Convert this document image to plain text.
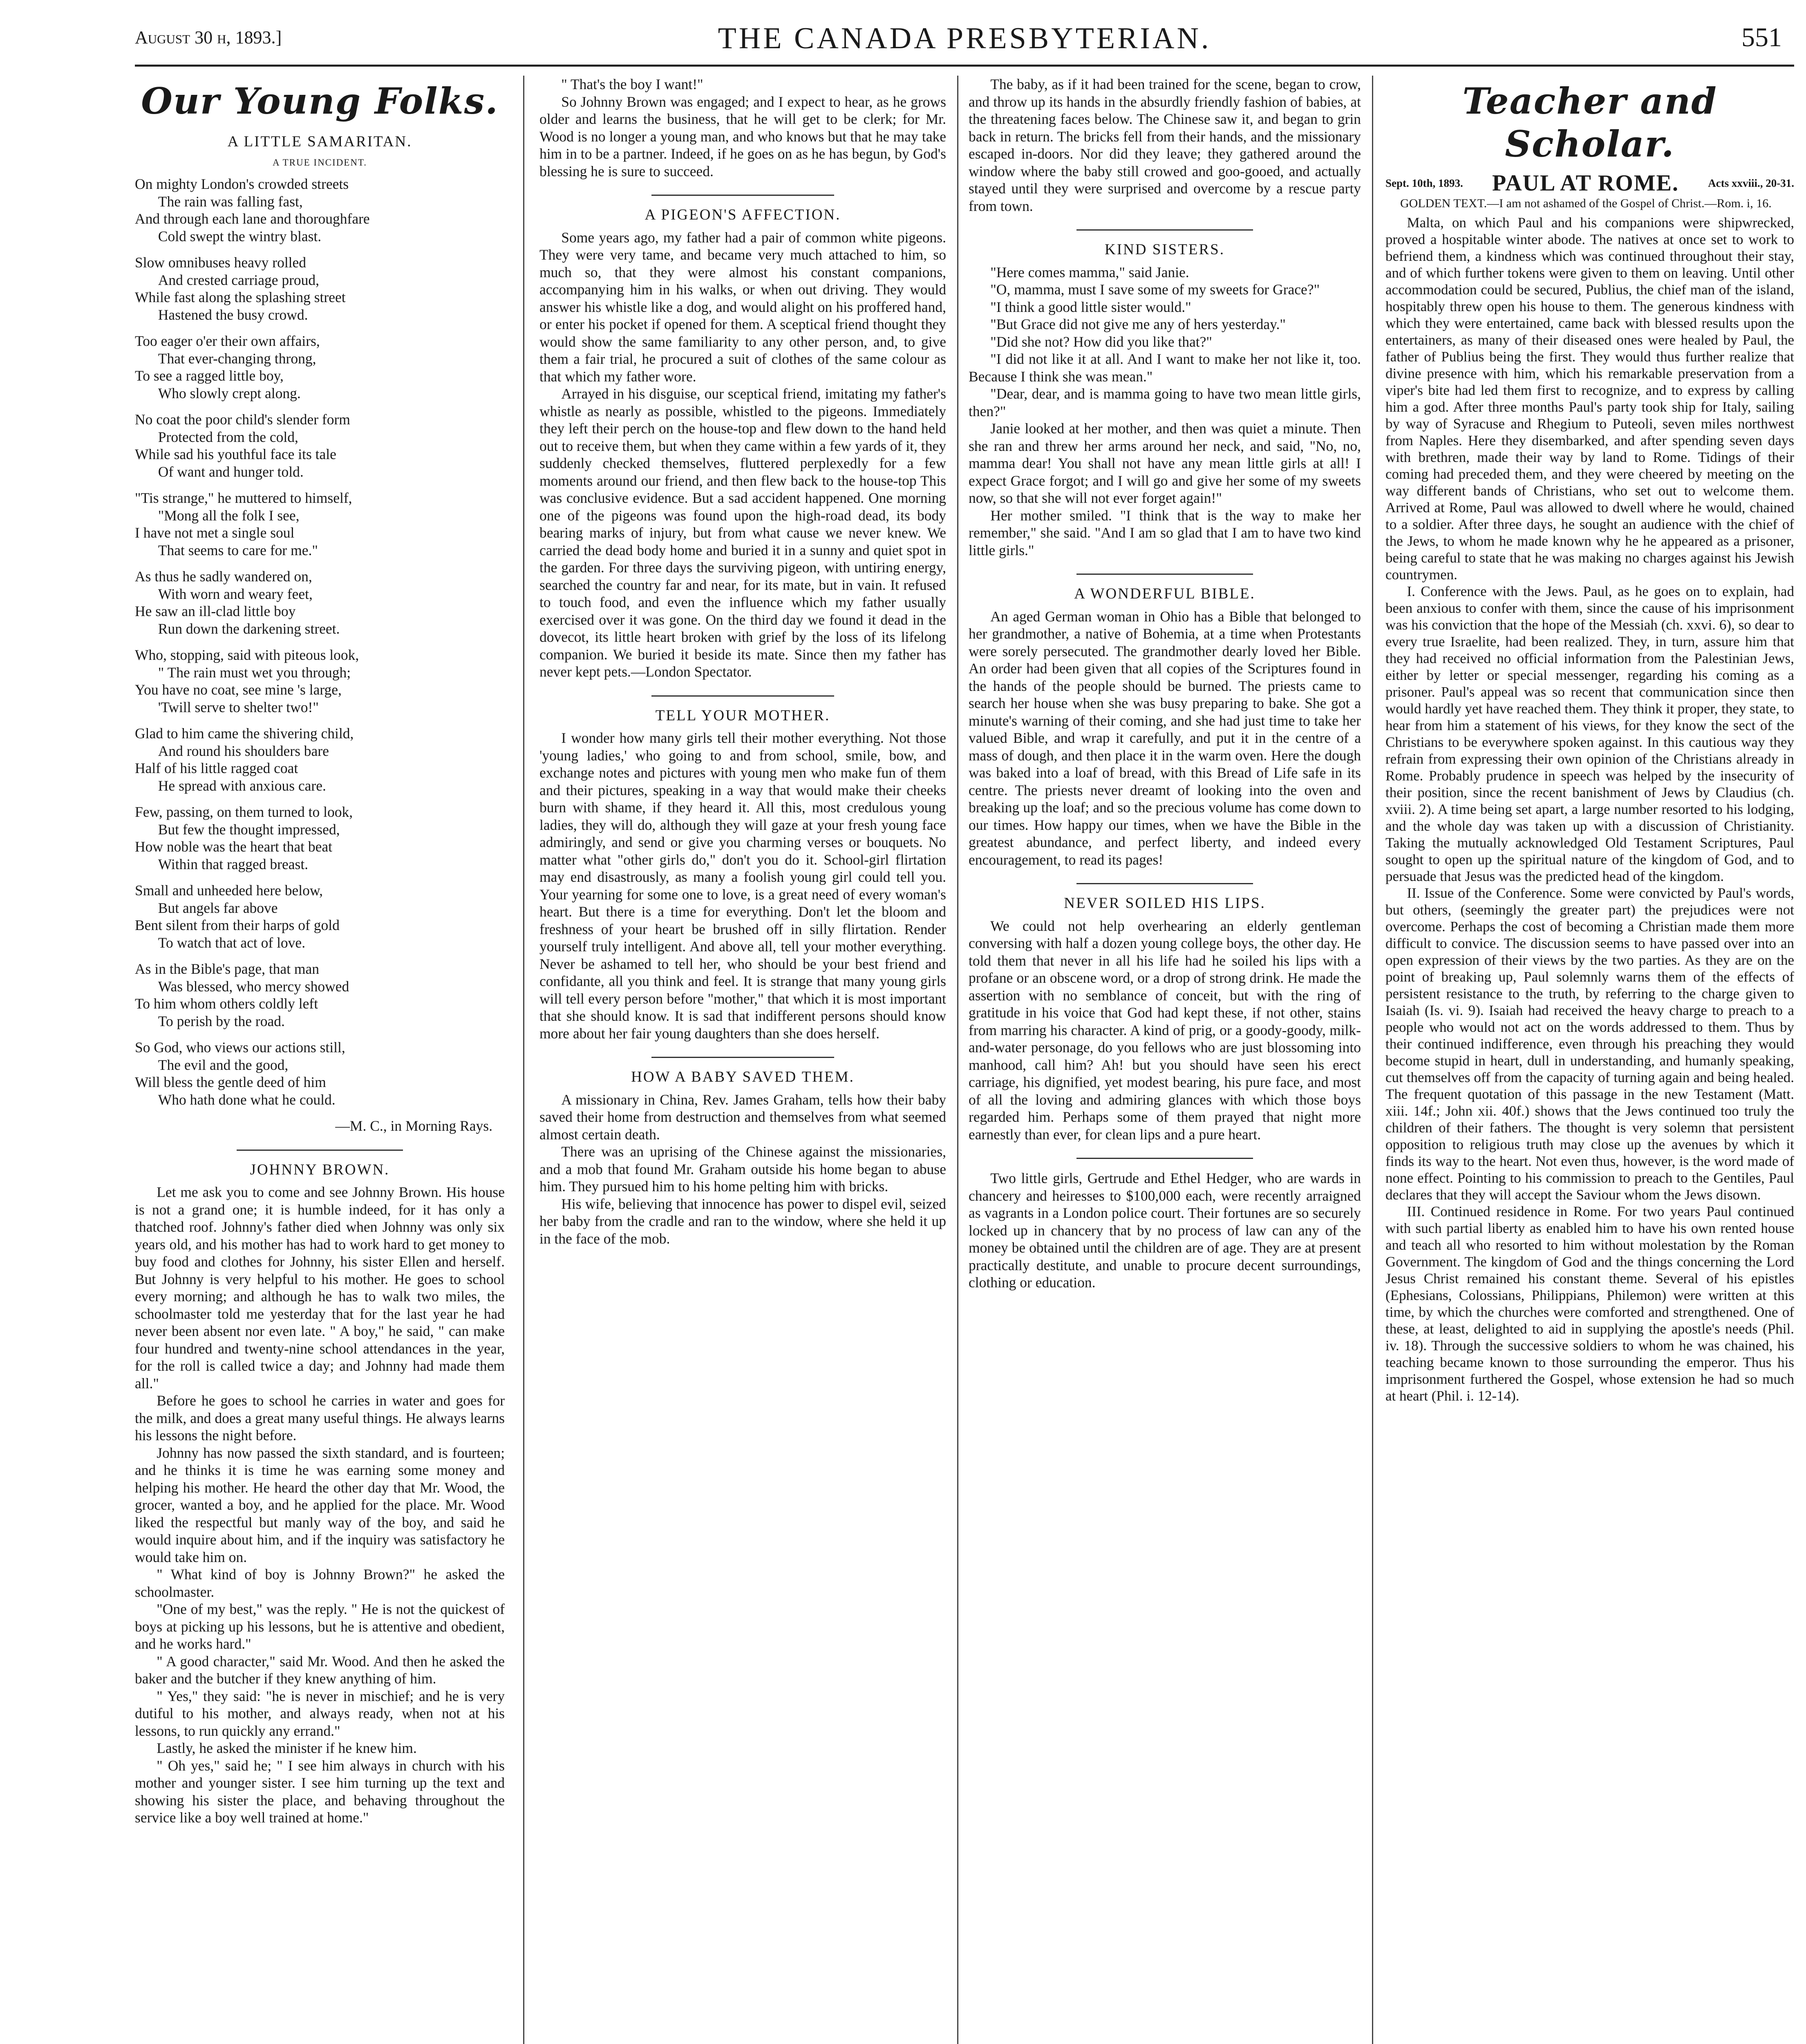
August 30 h, 1893.]	THE CANADA PRESBYTERIAN.	551
Our Young Folks.
A LITTLE SAMARITAN.
A TRUE INCIDENT.
On mighty London's crowded streets
The rain was falling fast,
And through each lane and thoroughfare
Cold swept the wintry blast.
Slow omnibuses heavy rolled
And crested carriage proud,
While fast along the splashing street
Hastened the busy crowd.
Too eager o'er their own affairs,
That ever-changing throng,
To see a ragged little boy,
Who slowly crept along.
No coat the poor child's slender form
Protected from the cold,
While sad his youthful face its tale
Of want and hunger told.
"Tis strange," he muttered to himself,
"Mong all the folk I see,
I have not met a single soul
That seems to care for me."
As thus he sadly wandered on,
With worn and weary feet,
He saw an ill-clad little boy
Run down the darkening street.
Who, stopping, said with piteous look,
" The rain must wet you through;
You have no coat, see mine 's large,
'Twill serve to shelter two!"
Glad to him came the shivering child,
And round his shoulders bare
Half of his little ragged coat
He spread with anxious care.
Few, passing, on them turned to look,
But few the thought impressed,
How noble was the heart that beat
Within that ragged breast.
Small and unheeded here below,
But angels far above
Bent silent from their harps of gold
To watch that act of love.
As in the Bible's page, that man
Was blessed, who mercy showed
To him whom others coldly left
To perish by the road.
So God, who views our actions still,
The evil and the good,
Will bless the gentle deed of him
Who hath done what he could.
—M. C., in Morning Rays.
JOHNNY BROWN.

Let me ask you to come and see Johnny Brown. His house is not a grand one; it is humble indeed, for it has only a thatched roof. Johnny's father died when Johnny was only six years old, and his mother has had to work hard to get money to buy food and clothes for Johnny, his sister Ellen and herself. But Johnny is very helpful to his mother. He goes to school every morning; and although he has to walk two miles, the schoolmaster told me yesterday that for the last year he had never been absent nor even late. " A boy," he said, " can make four hundred and twenty-nine school attendances in the year, for the roll is called twice a day; and Johnny had made them all."

Before he goes to school he carries in water and goes for the milk, and does a great many useful things. He always learns his lessons the night before.

Johnny has now passed the sixth standard, and is fourteen; and he thinks it is time he was earning some money and helping his mother. He heard the other day that Mr. Wood, the grocer, wanted a boy, and he applied for the place. Mr. Wood liked the respectful but manly way of the boy, and said he would inquire about him, and if the inquiry was satisfactory he would take him on.

" What kind of boy is Johnny Brown?" he asked the schoolmaster.

"One of my best," was the reply. " He is not the quickest of boys at picking up his lessons, but he is attentive and obedient, and he works hard."

" A good character," said Mr. Wood. And then he asked the baker and the butcher if they knew anything of him.

" Yes," they said: "he is never in mischief; and he is very dutiful to his mother, and always ready, when not at his lessons, to run quickly any errand."

Lastly, he asked the minister if he knew him.

" Oh yes," said he; " I see him always in church with his mother and younger sister. I see him turning up the text and showing his sister the place, and behaving throughout the service like a boy well trained at home."

" That's the boy I want!"

So Johnny Brown was engaged; and I expect to hear, as he grows older and learns the business, that he will get to be clerk; for Mr. Wood is no longer a young man, and who knows but that he may take him in to be a partner. Indeed, if he goes on as he has begun, by God's blessing he is sure to succeed.

A PIGEON'S AFFECTION.

Some years ago, my father had a pair of common white pigeons. They were very tame, and became very much attached to him, so much so, that they were almost his constant companions, accompanying him in his walks, or when out driving. They would answer his whistle like a dog, and would alight on his proffered hand, or enter his pocket if opened for them. A sceptical friend thought they would show the same familiarity to any other person, and, to give them a fair trial, he procured a suit of clothes of the same colour as that which my father wore.

Arrayed in his disguise, our sceptical friend, imitating my father's whistle as nearly as possible, whistled to the pigeons. Immediately they left their perch on the house-top and flew down to the hand held out to receive them, but when they came within a few yards of it, they suddenly checked themselves, fluttered perplexedly for a few moments around our friend, and then flew back to the house-top This was conclusive evidence. But a sad accident happened. One morning one of the pigeons was found upon the high-road dead, its body bearing marks of injury, but from what cause we never knew. We carried the dead body home and buried it in a sunny and quiet spot in the garden. For three days the surviving pigeon, with untiring energy, searched the country far and near, for its mate, but in vain. It refused to touch food, and even the influence which my father usually exercised over it was gone. On the third day we found it dead in the dovecot, its little heart broken with grief by the loss of its lifelong companion. We buried it beside its mate. Since then my father has never kept pets.—London Spectator.

TELL YOUR MOTHER.

I wonder how many girls tell their mother everything. Not those 'young ladies,' who going to and from school, smile, bow, and exchange notes and pictures with young men who make fun of them and their pictures, speaking in a way that would make their cheeks burn with shame, if they heard it. All this, most credulous young ladies, they will do, although they will gaze at your fresh young face admiringly, and send or give you charming verses or bouquets. No matter what "other girls do," don't you do it. School-girl flirtation may end disastrously, as many a foolish young girl could tell you. Your yearning for some one to love, is a great need of every woman's heart. But there is a time for everything. Don't let the bloom and freshness of your heart be brushed off in silly flirtation. Render yourself truly intelligent. And above all, tell your mother everything. Never be ashamed to tell her, who should be your best friend and confidante, all you think and feel. It is strange that many young girls will tell every person before "mother," that which it is most important that she should know. It is sad that indifferent persons should know more about her fair young daughters than she does herself.

HOW A BABY SAVED THEM.

A missionary in China, Rev. James Graham, tells how their baby saved their home from destruction and themselves from what seemed almost certain death.

There was an uprising of the Chinese against the missionaries, and a mob that found Mr. Graham outside his home began to abuse him. They pursued him to his home pelting him with bricks.

His wife, believing that innocence has power to dispel evil, seized her baby from the cradle and ran to the window, where she held it up in the face of the mob.

The baby, as if it had been trained for the scene, began to crow, and throw up its hands in the absurdly friendly fashion of babies, at the threatening faces below. The Chinese saw it, and began to grin back in return. The bricks fell from their hands, and the missionary escaped in-doors. Nor did they leave; they gathered around the window where the baby still crowed and goo-gooed, and actually stayed until they were surprised and overcome by a rescue party from town.

KIND SISTERS.

"Here comes mamma," said Janie.

"O, mamma, must I save some of my sweets for Grace?"

"I think a good little sister would."

"But Grace did not give me any of hers yesterday."

"Did she not? How did you like that?"

"I did not like it at all. And I want to make her not like it, too. Because I think she was mean."

"Dear, dear, and is mamma going to have two mean little girls, then?"

Janie looked at her mother, and then was quiet a minute. Then she ran and threw her arms around her neck, and said, "No, no, mamma dear! You shall not have any mean little girls at all! I expect Grace forgot; and I will go and give her some of my sweets now, so that she will not ever forget again!"

Her mother smiled. "I think that is the way to make her remember," she said. "And I am so glad that I am to have two kind little girls."

A WONDERFUL BIBLE.

An aged German woman in Ohio has a Bible that belonged to her grandmother, a native of Bohemia, at a time when Protestants were sorely persecuted. The grandmother dearly loved her Bible. An order had been given that all copies of the Scriptures found in the hands of the people should be burned. The priests came to search her house when she was busy preparing to bake. She got a minute's warning of their coming, and she had just time to take her valued Bible, and wrap it carefully, and put it in the centre of a mass of dough, and then place it in the warm oven. Here the dough was baked into a loaf of bread, with this Bread of Life safe in its centre. The priests never dreamt of looking into the oven and breaking up the loaf; and so the precious volume has come down to our times. How happy our times, when we have the Bible in the greatest abundance, and perfect liberty, and indeed every encouragement, to read its pages!

NEVER SOILED HIS LIPS.

We could not help overhearing an elderly gentleman conversing with half a dozen young college boys, the other day. He told them that never in all his life had he soiled his lips with a profane or an obscene word, or a drop of strong drink. He made the assertion with no semblance of conceit, but with the ring of gratitude in his voice that God had kept these, if not other, stains from marring his character. A kind of prig, or a goody-goody, milk-and-water personage, do you fellows who are just blossoming into manhood, call him? Ah! but you should have seen his erect carriage, his dignified, yet modest bearing, his pure face, and most of all the loving and admiring glances with which those boys regarded him. Perhaps some of them prayed that night more earnestly than ever, for clean lips and a pure heart.

Two little girls, Gertrude and Ethel Hedger, who are wards in chancery and heiresses to $100,000 each, were recently arraigned as vagrants in a London police court. Their fortunes are so securely locked up in chancery that by no process of law can any of the money be obtained until the children are of age. They are at present practically destitute, and unable to procure decent surroundings, clothing or education.

Teacher and Scholar.
Sept. 10th, 1893. PAUL AT ROME.	Acts xxviii., 20-31.
GOLDEN TEXT.—I am not ashamed of the Gospel of Christ.—Rom. i, 16.

Malta, on which Paul and his companions were shipwrecked, proved a hospitable winter abode. The natives at once set to work to befriend them, a kindness which was continued throughout their stay, and of which further tokens were given to them on leaving. Until other accommodation could be secured, Publius, the chief man of the island, hospitably threw open his house to them. The generous kindness with which they were entertained, came back with blessed results upon the entertainers, as many of their diseased ones were healed by Paul, the father of Publius being the first. They would thus further realize that divine presence with him, which his remarkable preservation from a viper's bite had led them first to recognize, and to express by calling him a god. After three months Paul's party took ship for Italy, sailing by way of Syracuse and Rhegium to Puteoli, seven miles northwest from Naples. Here they disembarked, and after spending seven days with brethren, made their way by land to Rome. Tidings of their coming had preceded them, and they were cheered by meeting on the way different bands of Christians, who set out to welcome them. Arrived at Rome, Paul was allowed to dwell where he would, chained to a soldier. After three days, he sought an audience with the chief of the Jews, to whom he made known why he he appeared as a prisoner, being careful to state that he was making no charges against his Jewish countrymen.

I. Conference with the Jews. Paul, as he goes on to explain, had been anxious to confer with them, since the cause of his imprisonment was his conviction that the hope of the Messiah (ch. xxvi. 6), so dear to every true Israelite, had been realized. They, in turn, assure him that they had received no official information from the Palestinian Jews, either by letter or special messenger, regarding his coming as a prisoner. Paul's appeal was so recent that communication since then would hardly yet have reached them. They think it proper, they state, to hear from him a statement of his views, for they know the sect of the Christians to be everywhere spoken against. In this cautious way they refrain from expressing their own opinion of the Christians already in Rome. Probably prudence in speech was helped by the insecurity of their position, since the recent banishment of Jews by Claudius (ch. xviii. 2). A time being set apart, a large number resorted to his lodging, and the whole day was taken up with a discussion of Christianity. Taking the mutually acknowledged Old Testament Scriptures, Paul sought to open up the spiritual nature of the kingdom of God, and to persuade that Jesus was the predicted head of the kingdom.

II. Issue of the Conference. Some were convicted by Paul's words, but others, (seemingly the greater part) the prejudices were not overcome. Perhaps the cost of becoming a Christian made them more difficult to convice. The discussion seems to have passed over into an open expression of their views by the two parties. As they are on the point of breaking up, Paul solemnly warns them of the effects of persistent resistance to the truth, by referring to the charge given to Isaiah (Is. vi. 9). Isaiah had received the heavy charge to preach to a people who would not act on the words addressed to them. Thus by their continued indifference, even through his preaching they would become stupid in heart, dull in understanding, and humanly speaking, cut themselves off from the capacity of turning again and being healed. The frequent quotation of this passage in the new Testament (Matt. xiii. 14f.; John xii. 40f.) shows that the Jews continued too truly the children of their fathers. The thought is very solemn that persistent opposition to religious truth may close up the avenues by which it finds its way to the heart. Not even thus, however, is the word made of none effect. Pointing to his commission to preach to the Gentiles, Paul declares that they will accept the Saviour whom the Jews disown.

III. Continued residence in Rome. For two years Paul continued with such partial liberty as enabled him to have his own rented house and teach all who resorted to him without molestation by the Roman Government. The kingdom of God and the things concerning the Lord Jesus Christ remained his constant theme. Several of his epistles (Ephesians, Colossians, Philippians, Philemon) were written at this time, by which the churches were comforted and strengthened. One of these, at least, delighted to aid in supplying the apostle's needs (Phil. iv. 18). Through the successive soldiers to whom he was chained, his teaching became known to those surrounding the emperor. Thus his imprisonment furthered the Gospel, whose extension he had so much at heart (Phil. i. 12-14).
